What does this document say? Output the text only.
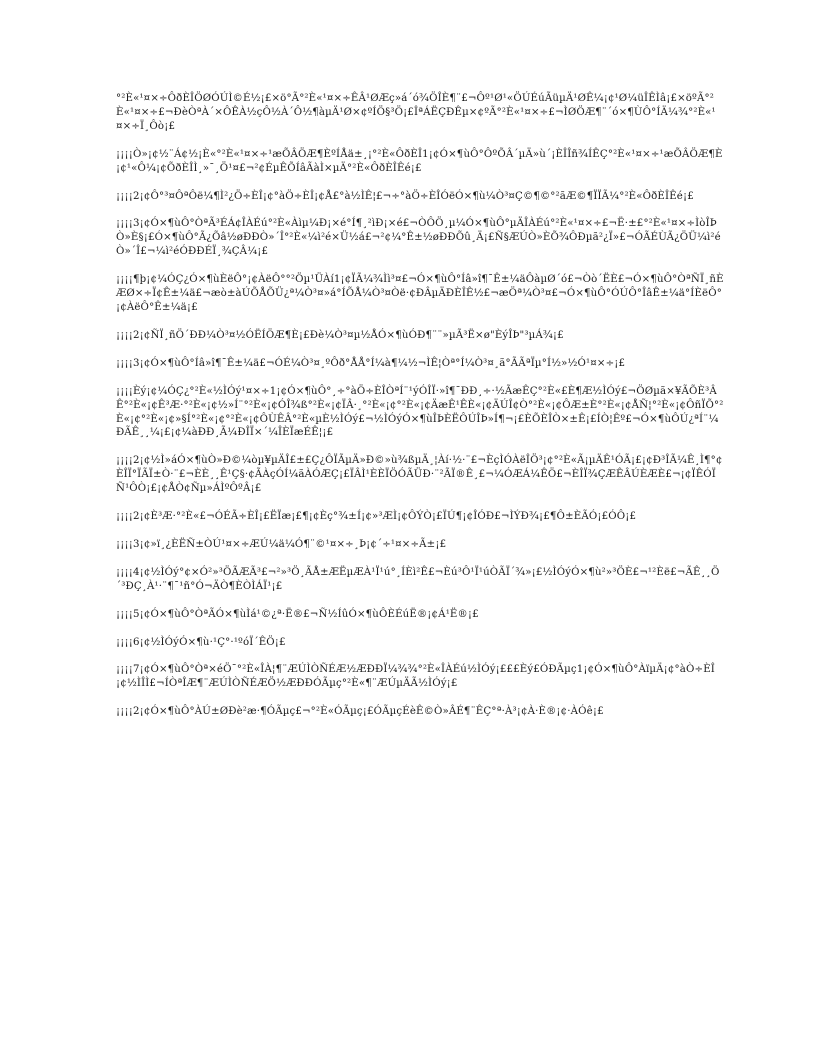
°²È«¹¤×÷ÔðÈÎÖØÓÚÌ©É½¡£×ö°Ã°²È«¹¤×÷ÊÂ¹ØÆç»á´ó¾ÖÎÈ¶¨£¬Ôº¹Ø¹«ÖÚÉúÃüµÄ¹ØÊ¼¡¢¹Ø¼üÎÊÌâ¡£×öºÃ°²È«¹¤×÷£¬ÐèÒªÀ´×ÔÊÀ½çÔ½À´Ô½¶àµÄ¹Ø×¢ºÍÖ§³Ö¡£ÎªÁËÇÐÊµ×¢ºÃ°²È«¹¤×÷£¬ÌØÖÆ¶¨´ó×¶ÙÔ°ÍÄ¼¾°²È«¹¤×÷Ï¸Ôò¡£

¡¡¡¡Ò»¡¢½¨Á¢½¡È«°²È«¹¤×÷¹æÕÂÖÆ¶ÈºÍÅä±¸¡°²È«ÔðÈÎ1¡¢Ó×¶ùÔ°ÔºÕÂ´µÄ»ù´¡ÈÎÎñ¾ÍÊÇ°²È«¹¤×÷¹æÕÂÖÆ¶È¡¢¹«Ô¼¡¢ÕðÈÎÌ¸»¯¸Ö¹¤£¬²¢ÉµÊÕÍâÃàÌ×µÄ°²È«ÔðÈÎÊé¡£

¡¡¡¡2¡¢Ô°³¤ÔªÔë¼¶Ì²¿Ö÷ÈÎ¡¢°àÖ÷ÈÎ¡¢Å£°à½ÌÊ¦£¬÷°àÖ÷ÈÎÓëÓ×¶ù¼Ò³¤Ç©¶©°²ãÆ©¶ÏÏÃ¼°²È«ÔðÈÎÊé¡£

¡¡¡¡3¡¢Ó×¶ùÔ°ÒªÃ³ÉÁ¢ÎÀÉú°²È«Àìµ¼Ð¡×é°Í¶¸²ìÐ¡×é£¬ÒÔÖ¸µ¼Ó×¶ùÔ°µÄÎÀÉú°²È«¹¤×÷£¬Ë·±£°²È«¹¤×÷ÌòÎÞÒ»È§¡£Ó×¶ùÔ°Ã¿Õâ½øÐÐÒ»´Î°²È«¼ì²é×Ü½á£¬²¢¼°Ê±½øÐÐÕû¸Ä¡£Ñ§ÆÚÒ»ÈÕ¾ÔÐµã²¿Ï»£¬ÓÃÉÙÃ¿ÖÜ¼ì²éÒ»´Î£¬¼ì²éÓÐÐÉÏ¸¾ÇÂ¼¡£

¡¡¡¡¶þ¡¢¼ÓÇ¿Ó×¶ùÈëÔ°¡¢ÀëÔ°°²Öµ¹ÜÀí1¡¢ÏÃ¼¾Ìì³¤£¬Ó×¶ùÔ°Íâ»î¶¯Ê±¼äÔàµØ´ó£¬Òò´ËÈ£¬Ó×¶ùÔ°ÒªÑÏ¸ñÈÆØ×÷Ï¢Ê±¼ä£¬æò±àÚÕÅÕÜ¿ª¼Ò³¤»á°ÍÕÅ¼Ò³¤Òë·¢ÐÂµÄÐÈÎÊ½£¬æÖª¼Ò³¤£¬Ó×¶ùÔ°ÓÚÔ°ÎâÊ±¼ä°ÍÈëÔ°¡¢ÀëÔ°Ê±¼ä¡£

¡¡¡¡2¡¢ÑÏ¸ñÖ´ÐÐ¼Ò³¤½ÓËÍÖÆ¶È¡£Ðè¼Ò³¤µ½ÅÓ×¶ùÓÐ¶¨¨»µÃ³Ë×ø"ÈýÎÞ"³µÁ¾¡£

¡¡¡¡3¡¢Ó×¶ùÔ°Íâ»î¶¯Ê±¼ä£¬ÓÉ¼Ò³¤¸ºÔð°ÅÅ°Í¼à¶¼½¬ÌÊ¦Òª°Í¼Ò³¤¸ã°ÃÃªÏµ°Í½»½Ó¹¤×÷¡£

¡¡¡¡Èý¡¢¼ÓÇ¿°²È«½ÌÓý¹¤×÷1¡¢Ó×¶ùÔ°¸÷°àÖ÷ÈÎÒªÍ¨¹ýÓÎÏ·»î¶¯ÐÐ¸÷·½ÃæÊÇ°²È«£È¶Æ½ÌÓý£¬ÖØµã×¥ÃÕÈ³ÂÊ°²È«¡¢Ê³Æ·°²È«¡¢½»Í¨°²È«¡¢ÓÎ¾ß°²È«¡¢ÏÂ·¸°²È«¡¢°²È«¡¢ÄæÊ¹ÊÈ«¡¢ÄÚÎ¢Ò°²È«¡¢ÔÆ±È°²È«¡¢ÅÑ¦°²È«¡¢ÔñÏÕ°²È«¡¢°²È«¡¢»§Í°²È«¡¢°²È«¡¢ÔÙÊÂ°²È«µÈ½ÌÓý£¬½ÌÓýÓ×¶ùÎÞÈËÔÚÎÞ»Í¶¬¡£ÈÕÈÎÒ×±Ê¡£ÍÒ¦Êº£¬Ó×¶ùÔÚ¿ªÍ¨¼ÐÃÊ¸¸¼¡£¡¢¼àÐÐ¸Ã¼ÐÎÏ×´¼ÎÈÏæÉÊ¦¡£

¡¡¡¡2¡¢½Ì»áÓ×¶ùÒ»Ð©¼òµ¥µÄÎ£±£Ç¿ÔÏÃµÄ»Ð©»ù¾ßµÄ¸¦Àí·½·¨£¬ÈçÌÓÀëÎÖ³¡¢°²È«Ã¡µÄÊ¹ÓÃ¡£¡¢Ð³ÎÃ¼Ê¸Ì¶°¢ÈÎÏ°ÏÃÏ±Ò·¨£¬ÈÈ¸¸Ê¹Ç§·¢ÃÀçÓÍ¼ãÀÓÆÇ¡£ÏÂÌ¹ÈÈÏÖÓÃÜÐ·¨²ÃÏ®Ê¸£¬¼ÓÆÁ¼ÊÖ£¬ÈÎÏ¾ÇÆÊÂÚÈÆÈ£¬¡¢ÏÊÓÏÑ¹ÔÒ¡£¡¢ÅÒ¢Ñµ»ÁÌºÔºÂ¡£

¡¡¡¡2¡¢È³Æ·°²È«£¬ÓÉÃ÷ÈÎ¡£ËÏæ¡£¶¡¢Èç°¾±Í¡¢»³ÆÌ¡¢ÔÝÒ¡£ÏÚ¶¡¢ÎÓÐ£¬ÌÝÐ¾¡£¶Ô±ÈÃÓ¡£ÓÔ¡£

¡¡¡¡3¡¢»ï¸¿ÈËÑ±ÒÚ¹¤×÷ÆÚ¼ä¼Ó¶¨©¹¤×÷¸Þ¡¢´÷¹¤×÷Ã±¡£

¡¡¡¡4¡¢½ÌÓý°¢×Ó²»³ÖÃÆÃ³£¬²»³Ö¸ÃÅ±ÆËµÆÀ¹Ï¹ú°¸ÍÈì²Ê£¬Èú³Ô¹Ï¹úÒÃÏ´¾»¡£½ÌÓýÓ×¶ù²»³ÖÈ£¬¹²Èë£¬ÃÊ¸¸Ö´³ÐÇ¸À¹·¨¶¯¹ñ°Ó¬ÄÒ¶ÈÒÌÁÏ¹¡£

¡¡¡¡5¡¢Ó×¶ùÔ°ÒªÃÓ×¶ùÌá¹©¿ª·Ë®£¬Ñ½ÍûÓ×¶ùÔÈÉúË®¡¢Á¹Ë®¡£

¡¡¡¡6¡¢½ÌÓýÓ×¶ù·¹Ç°·¹ºóÏ´ÊÖ¡£

¡¡¡¡7¡¢Ó×¶ùÔ°Òª×éÖ¯°²È«ÎÀ¦¶¨ÆÚÌÒÑÉÆ½ÆÐÐÏ¼¾¾°²È«ÎÀÉú½ÌÓý¡£££Èý£ÓÐÃµç1¡¢Ó×¶ùÔ°ÀïµÄ¡¢°àÒ÷ÈÎ¡¢½ÌÎÌ£¬ÍÒªÎÆ¶¨ÆÚÌÒÑÉÆÖ½ÆÐÐÓÃµç°²È«¶¨ÆÚµÄÃ½ÌÓý¡£

¡¡¡¡2¡¢Ó×¶ùÔ°ÀÚ±ØÐè²æ·¶ÓÃµç£¬°²È«ÓÃµç¡£ÓÃµçÉèÊ©Ò»ÂÉ¶¨ÊÇ°ª·À³¡¢À·È®¡¢·ÀÓê¡£
